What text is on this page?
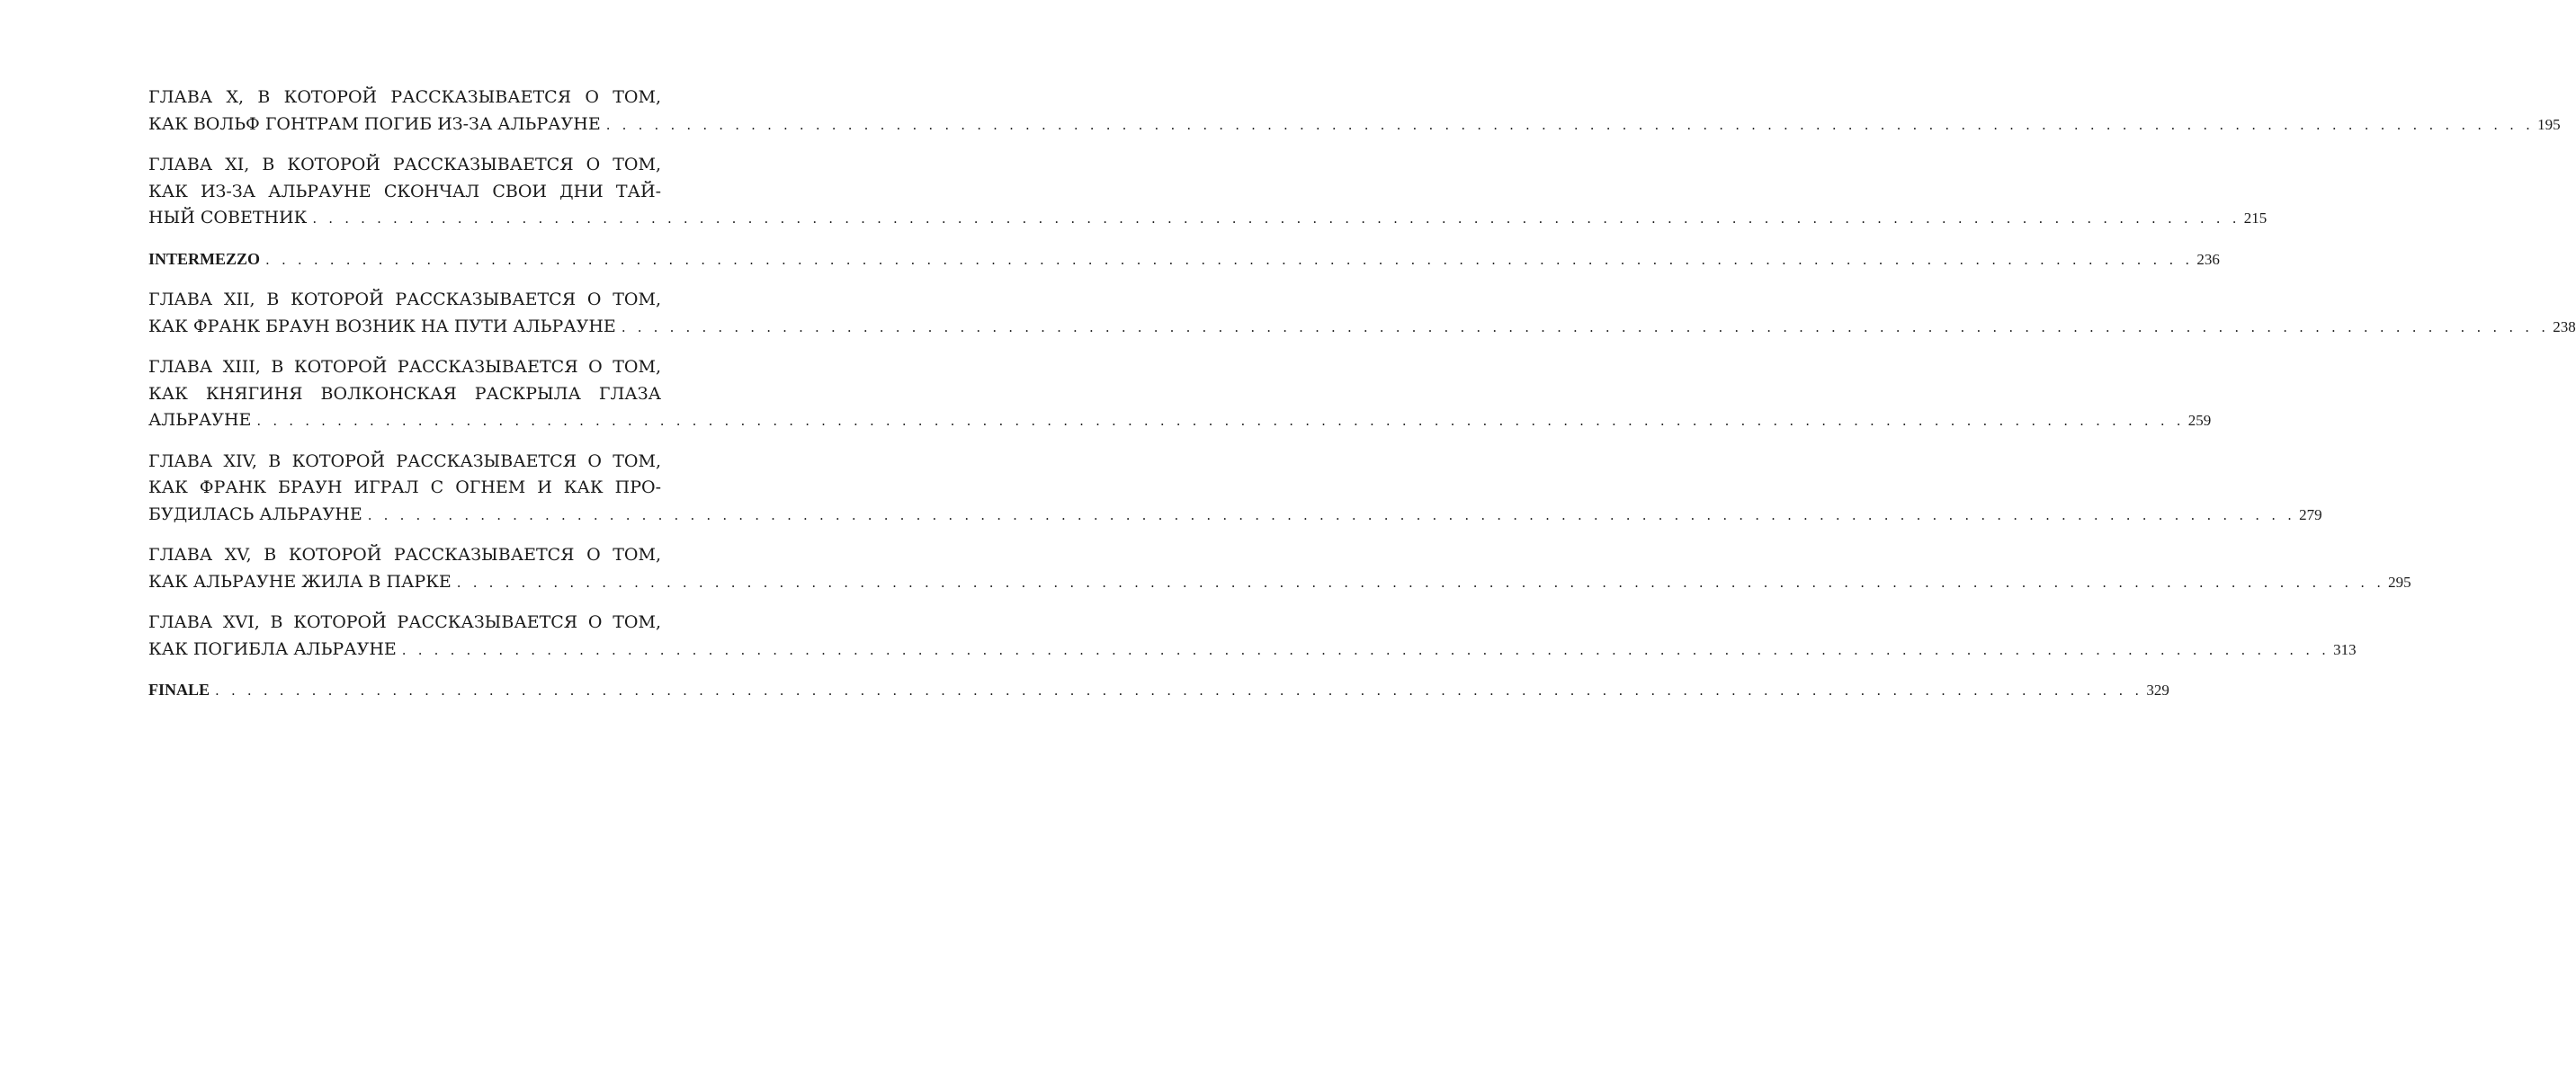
ГЛАВА X, В КОТОРОЙ РАССКАЗЫВАЕТСЯ О ТОМ,
КАК ВОЛЬФ ГОНТРАМ ПОГИБ ИЗ-ЗА АЛЬРАУНЕ . . . . . . . . . . . . . . . . . . . . . . . . . . . . . . . . . . . . . . . . . . . . . . . . . . . . . . . . . . . . . . . . . . . . . . . . . . . . . . . . . . . . . . . . . . . . . . . . . . . . . . . . . . . . . . . . . . . . . . . . 195
ГЛАВА XI, В КОТОРОЙ РАССКАЗЫВАЕТСЯ О ТОМ,
КАК ИЗ-ЗА АЛЬРАУНЕ СКОНЧАЛ СВОИ ДНИ ТАЙ-
НЫЙ СОВЕТНИК . . . . . . . . . . . . . . . . . . . . . . . . . . . . . . . . . . . . . . . . . . . . . . . . . . . . . . . . . . . . . . . . . . . . . . . . . . . . . . . . . . . . . . . . . . . . . . . . . . . . . . . . . . . . . . . . . . . . . . . . 215
INTERMEZZO . . . . . . . . . . . . . . . . . . . . . . . . . . . . . . . . . . . . . . . . . . . . . . . . . . . . . . . . . . . . . . . . . . . . . . . . . . . . . . . . . . . . . . . . . . . . . . . . . . . . . . . . . . . . . . . . . . . . . . . . 236
ГЛАВА XII, В КОТОРОЙ РАССКАЗЫВАЕТСЯ О ТОМ,
КАК ФРАНК БРАУН ВОЗНИК НА ПУТИ АЛЬРАУНЕ . . . . . . . . . . . . . . . . . . . . . . . . . . . . . . . . . . . . . . . . . . . . . . . . . . . . . . . . . . . . . . . . . . . . . . . . . . . . . . . . . . . . . . . . . . . . . . . . . . . . . . . . . . . . . . . . . . . . . . . . 238
ГЛАВА XIII, В КОТОРОЙ РАССКАЗЫВАЕТСЯ О ТОМ,
КАК КНЯГИНЯ ВОЛКОНСКАЯ РАСКРЫЛА ГЛАЗА
АЛЬРАУНЕ . . . . . . . . . . . . . . . . . . . . . . . . . . . . . . . . . . . . . . . . . . . . . . . . . . . . . . . . . . . . . . . . . . . . . . . . . . . . . . . . . . . . . . . . . . . . . . . . . . . . . . . . . . . . . . . . . . . . . . . . 259
ГЛАВА XIV, В КОТОРОЙ РАССКАЗЫВАЕТСЯ О ТОМ,
КАК ФРАНК БРАУН ИГРАЛ С ОГНЕМ И КАК ПРО-
БУДИЛАСЬ АЛЬРАУНЕ . . . . . . . . . . . . . . . . . . . . . . . . . . . . . . . . . . . . . . . . . . . . . . . . . . . . . . . . . . . . . . . . . . . . . . . . . . . . . . . . . . . . . . . . . . . . . . . . . . . . . . . . . . . . . . . . . . . . . . . . 279
ГЛАВА XV, В КОТОРОЙ РАССКАЗЫВАЕТСЯ О ТОМ,
КАК АЛЬРАУНЕ ЖИЛА В ПАРКЕ . . . . . . . . . . . . . . . . . . . . . . . . . . . . . . . . . . . . . . . . . . . . . . . . . . . . . . . . . . . . . . . . . . . . . . . . . . . . . . . . . . . . . . . . . . . . . . . . . . . . . . . . . . . . . . . . . . . . . . . . 295
ГЛАВА XVI, В КОТОРОЙ РАССКАЗЫВАЕТСЯ О ТОМ,
КАК ПОГИБЛА АЛЬРАУНЕ . . . . . . . . . . . . . . . . . . . . . . . . . . . . . . . . . . . . . . . . . . . . . . . . . . . . . . . . . . . . . . . . . . . . . . . . . . . . . . . . . . . . . . . . . . . . . . . . . . . . . . . . . . . . . . . . . . . . . . . . 313
FINALE . . . . . . . . . . . . . . . . . . . . . . . . . . . . . . . . . . . . . . . . . . . . . . . . . . . . . . . . . . . . . . . . . . . . . . . . . . . . . . . . . . . . . . . . . . . . . . . . . . . . . . . . . . . . . . . . . . . . . . . . 329
